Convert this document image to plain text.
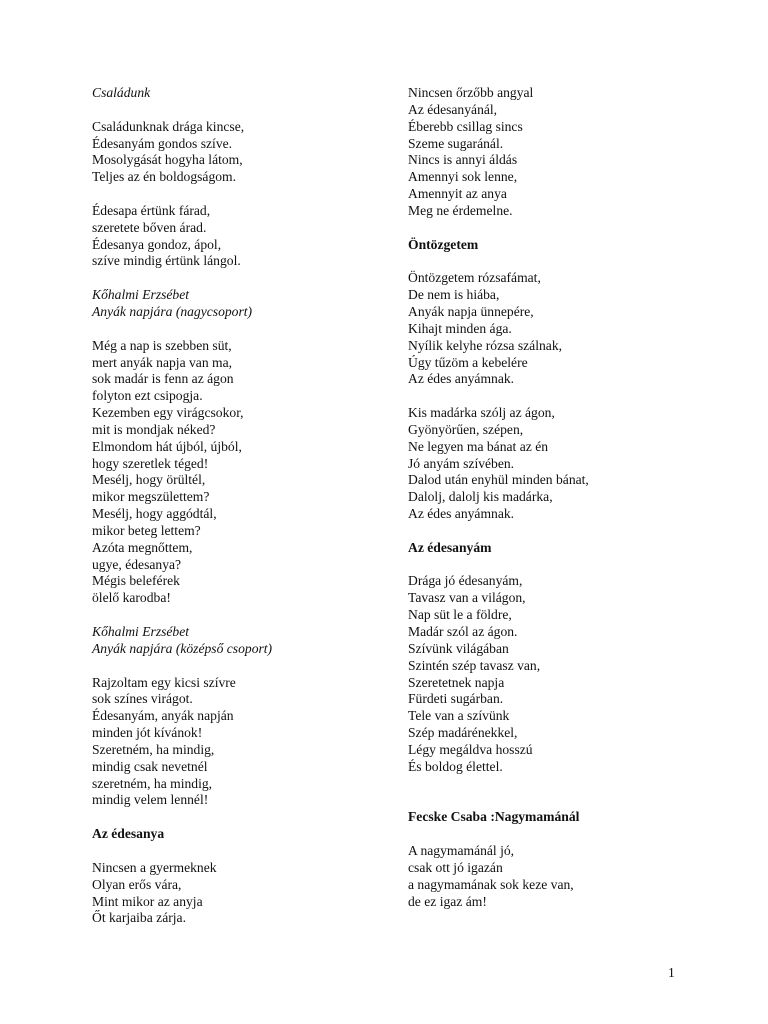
Családunk
Családunknak drága kincse,
Édesanyám gondos szíve.
Mosolygását hogyha látom,
Teljes az én boldogságom.
Édesapa értünk fárad,
szeretete bőven árad.
Édesanya gondoz, ápol,
szíve mindig értünk lángol.
Kőhalmi Erzsébet
Anyák napjára (nagycsoport)
Még a nap is szebben süt,
mert anyák napja van ma,
sok madár is fenn az ágon
folyton ezt csipogja.
Kezemben egy virágcsokor,
mit is mondjak néked?
Elmondom hát újból, újból,
hogy szeretlek téged!
Mesélj, hogy örültél,
mikor megszülettem?
Mesélj, hogy aggódtál,
mikor beteg lettem?
Azóta megnőttem,
ugye, édesanya?
Mégis beleférek
ölelő karodba!
Kőhalmi Erzsébet
Anyák napjára (középső csoport)
Rajzoltam egy kicsi szívre
sok színes virágot.
Édesanyám, anyák napján
minden jót kívánok!
Szeretném, ha mindig,
mindig csak nevetnél
szeretném, ha mindig,
mindig velem lennél!
Az édesanya
Nincsen a gyermeknek
Olyan erős vára,
Mint mikor az anyja
Őt karjaiba zárja.
Nincsen őrzőbb angyal
Az édesanyánál,
Éberebb csillag sincs
Szeme sugaránál.
Nincs is annyi áldás
Amennyi sok lenne,
Amennyit az anya
Meg ne érdemelne.
Öntözgetem
Öntözgetem rózsafámat,
De nem is hiába,
Anyák napja ünnepére,
Kihajt minden ága.
Nyílik kelyhe rózsa szálnak,
Úgy tűzöm a kebelére
Az édes anyámnak.
Kis madárka szólj az ágon,
Gyönyörűen, szépen,
Ne legyen ma bánat az én
Jó anyám szívében.
Dalod után enyhül minden bánat,
Dalolj, dalolj kis madárka,
Az édes anyámnak.
Az édesanyám
Drága jó édesanyám,
Tavasz van a világon,
Nap süt le a földre,
Madár szól az ágon.
Szívünk világában
Szintén szép tavasz van,
Szeretetnek napja
Fürdeti sugárban.
Tele van a szívünk
Szép madárénekkel,
Légy megáldva hosszú
És boldog élettel.
Fecske Csaba :Nagymamánál
A nagymamánál jó,
csak ott jó igazán
a nagymamának sok keze van,
de ez igaz ám!
1
